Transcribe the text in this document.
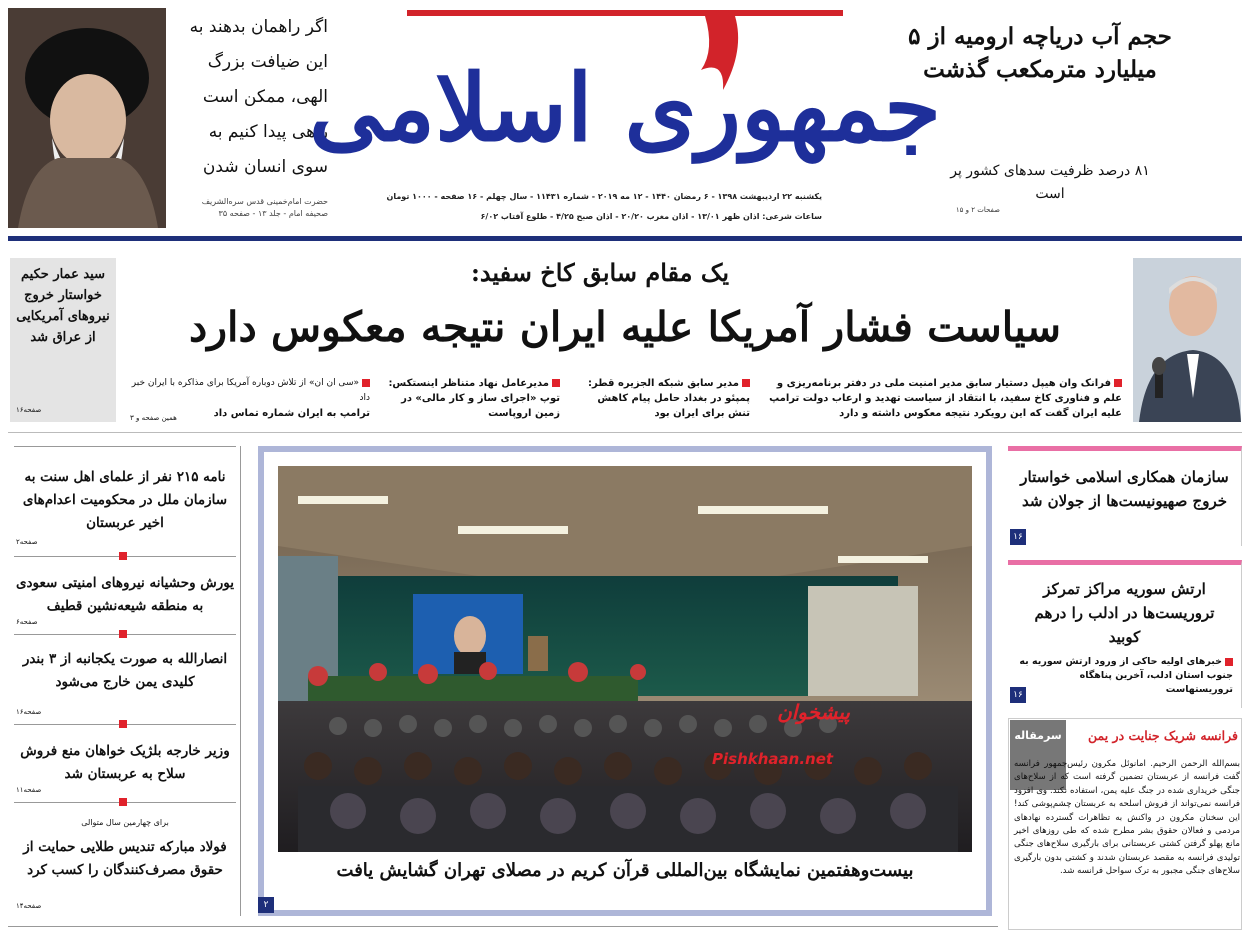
اگر راهمان بدهند به این ضیافت بزرگ الهی، ممکن است راهی پیدا کنیم به سوی انسان شدن
حضرت امام‌خمینی قدس سره‌الشریف
صحیفه امام - جلد ۱۳ - صفحه ۳۵
جمهوری اسلامی
یکشنبه ۲۲ اردیبهشت ۱۳۹۸ - ۶ رمضان ۱۴۴۰ - ۱۲ مه ۲۰۱۹ - شماره ۱۱۴۳۱ - سال چهلم - ۱۶ صفحه - ۱۰۰۰ تومان
ساعات شرعی: اذان ظهر ۱۳/۰۱ - اذان مغرب ۲۰/۲۰ - اذان صبح ۴/۲۵ - طلوع آفتاب ۶/۰۲
حجم آب دریاچه ارومیه از ۵ میلیارد مترمکعب گذشت
۸۱ درصد ظرفیت سدهای کشور پر است
صفحات ۲ و ۱۵
سید عمار حکیم خواستار خروج نیروهای آمریکایی از عراق شد
صفحه۱۶
یک مقام سابق کاخ سفید:
سیاست فشار آمریکا علیه ایران نتیجه معکوس دارد
فرانک وان هیپل دستیار سابق مدیر امنیت ملی در دفتر برنامه‌ریزی و علم و فناوری کاخ سفید، با انتقاد از سیاست تهدید و ارعاب دولت ترامپ علیه ایران گفت که این رویکرد نتیجه معکوس داشته و دارد
مدیر سابق شبکه الجزیره قطر: پمپئو در بغداد حامل پیام کاهش تنش برای ایران بود
مدیرعامل نهاد متناظر اینستکس: توپ «اجرای ساز و کار مالی» در زمین اروپاست
«سی ان ان» از تلاش دوباره آمریکا برای مذاکره با ایران خبر داد
ترامپ به ایران شماره تماس داد
همین صفحه و ۳
نامه ۲۱۵ نفر از علمای اهل سنت به سازمان ملل در محکومیت اعدام‌های اخیر عربستان
صفحه۲
یورش وحشیانه نیروهای امنیتی سعودی به منطقه شیعه‌نشین قطیف
صفحه۶
انصارالله به صورت یکجانبه از ۳ بندر کلیدی یمن خارج می‌شود
صفحه۱۶
وزیر خارجه بلژیک خواهان منع فروش سلاح به عربستان شد
صفحه۱۱
برای چهارمین سال متوالی
فولاد مبارکه تندیس طلایی حمایت از حقوق مصرف‌کنندگان را کسب کرد
صفحه۱۴
پیشخوان
Pishkhaan.net
بیست‌وهفتمین نمایشگاه بین‌المللی قرآن کریم در مصلای تهران گشایش یافت
۲
سازمان همکاری اسلامی خواستار خروج صهیونیست‌ها از جولان شد
۱۶
ارتش سوریه مراکز تمرکز تروریست‌ها در ادلب را درهم کوبید
خبرهای اولیه حاکی از ورود ارتش سوریه به جنوب استان ادلب، آخرین پناهگاه تروریستهاست
۱۶
سرمقاله	فرانسه شریک جنایت در یمن
بسم‌الله الرحمن الرحیم. امانوئل مکرون رئیس‌جمهور فرانسه گفت فرانسه از عربستان تضمین گرفته است که از سلاح‌های جنگی خریداری شده در جنگ علیه یمن، استفاده نکند. وی افزود فرانسه نمی‌تواند از فروش اسلحه به عربستان چشم‌پوشی کند! این سخنان مکرون در واکنش به تظاهرات گسترده نهادهای مردمی و فعالان حقوق بشر مطرح شده که طی روزهای اخیر مانع پهلو گرفتن کشتی عربستانی برای بارگیری سلاح‌های جنگی تولیدی فرانسه به مقصد عربستان شدند و کشتی بدون بارگیری سلاح‌های جنگی مجبور به ترک سواحل فرانسه شد.
